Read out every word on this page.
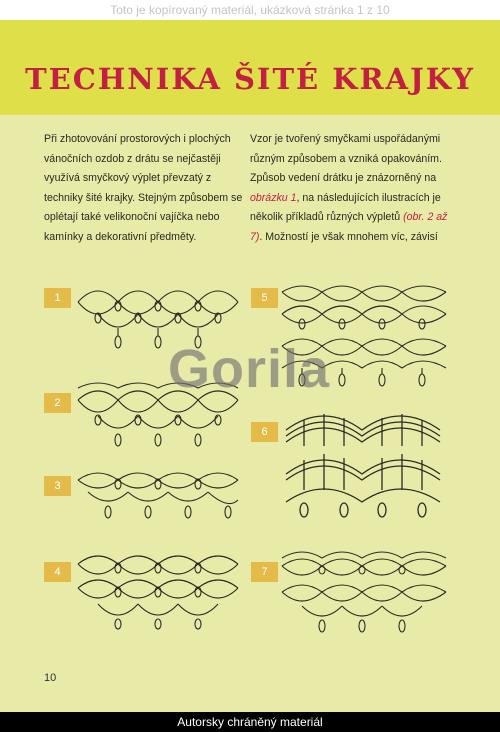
Toto je kopírovaný materiál, ukázková stránka 1 z 10
TECHNIKA ŠITÉ KRAJKY
Při zhotovování prostorových i plochých vánočních ozdob z drátu se nejčastěji využívá smyčkový výplet převzatý z techniky šité krajky. Stejným způsobem se oplétají také velikonoční vajíčka nebo kamínky a dekorativní předměty.
Vzor je tvořený smyčkami uspořádanými různým způsobem a vzniká opakováním. Způsob vedení drátku je znázorněný na obrázku 1, na následujících ilustracích je několik příkladů různých výpletů (obr. 2 až 7). Možností je však mnohem víc, závisí
1
2
3
4
5
6
7
Gorila
10
Autorsky chráněný materiál
